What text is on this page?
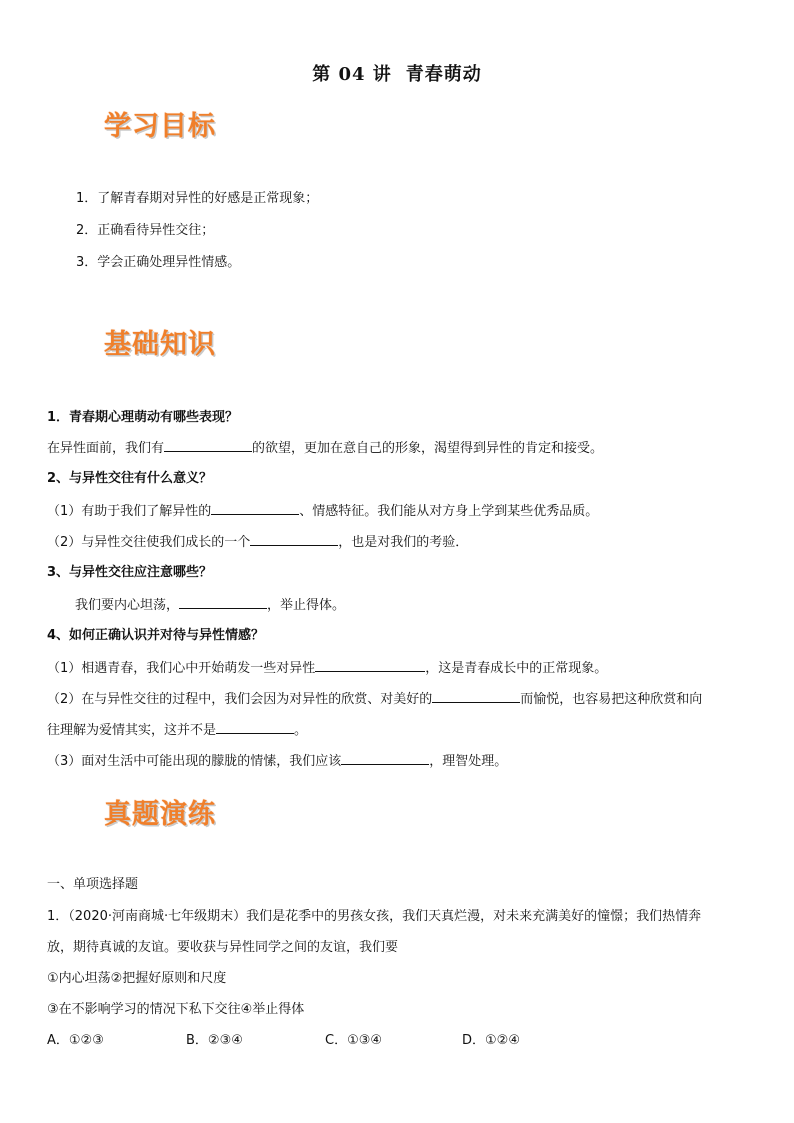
第 04 讲 青春萌动
学习目标
1．了解青春期对异性的好感是正常现象；
2．正确看待异性交往；
3．学会正确处理异性情感。
基础知识
1．青春期心理萌动有哪些表现？
在异性面前，我们有	的欲望，更加在意自己的形象，渴望得到异性的肯定和接受。
2、与异性交往有什么意义？
（1）有助于我们了解异性的	、情感特征。我们能从对方身上学到某些优秀品质。
（2）与异性交往使我们成长的一个	，也是对我们的考验．
3、与异性交往应注意哪些？
我们要内心坦荡，	，举止得体。
4、如何正确认识并对待与异性情感？
（1）相遇青春，我们心中开始萌发一些对异性	，这是青春成长中的正常现象。
（2）在与异性交往的过程中，我们会因为对异性的欣赏、对美好的	而愉悦，也容易把这种欣赏和向
往理解为爱情其实，这并不是	。
（3）面对生活中可能出现的朦胧的情愫，我们应该	，理智处理。
真题演练
一、单项选择题
1．（2020·河南商城·七年级期末）我们是花季中的男孩女孩，我们天真烂漫，对未来充满美好的憧憬；我们热情奔
放，期待真诚的友谊。要收获与异性同学之间的友谊，我们要
①内心坦荡②把握好原则和尺度
③在不影响学习的情况下私下交往④举止得体
A．①②③	B．②③④	C．①③④	D．①②④
